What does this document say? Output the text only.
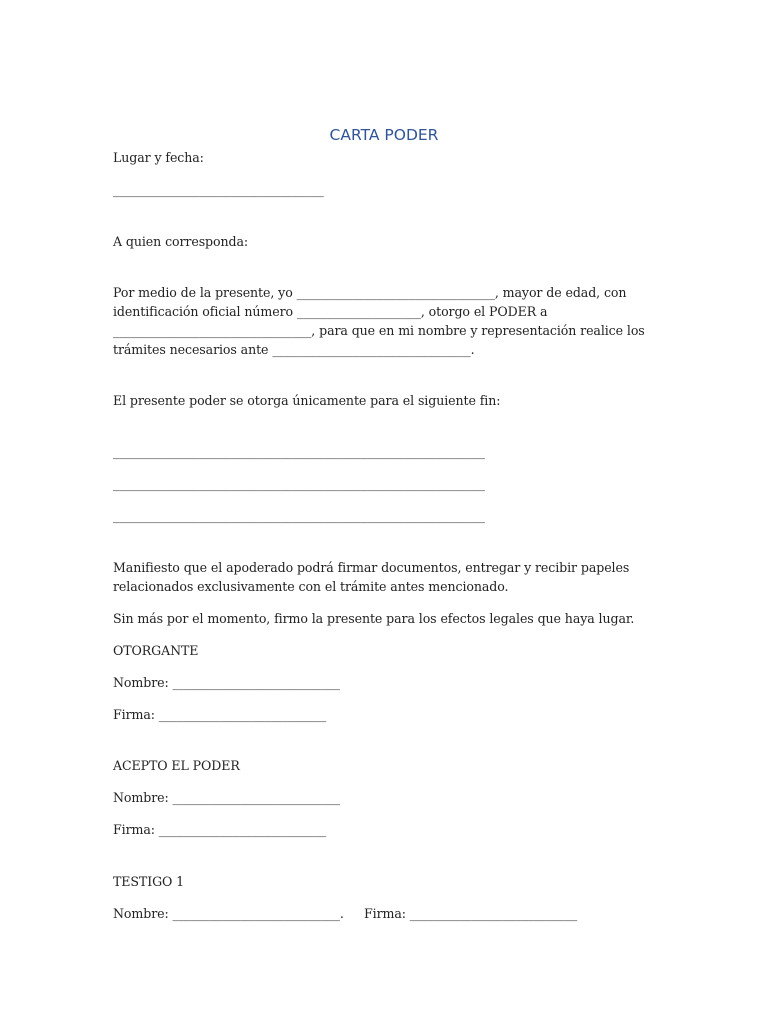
CARTA PODER
Lugar y fecha:
__________________________________
A quien corresponda:
Por medio de la presente, yo ________________________________, mayor de edad, con
identificación oficial número ____________________, otorgo el PODER a
________________________________, para que en mi nombre y representación realice los
trámites necesarios ante ________________________________.
El presente poder se otorga únicamente para el siguiente fin:
____________________________________________________________
____________________________________________________________
____________________________________________________________
Manifiesto que el apoderado podrá firmar documentos, entregar y recibir papeles
relacionados exclusivamente con el trámite antes mencionado.
Sin más por el momento, firmo la presente para los efectos legales que haya lugar.
OTORGANTE
Nombre: ___________________________
Firma: ___________________________
ACEPTO EL PODER
Nombre: ___________________________
Firma: ___________________________
TESTIGO 1
Nombre: ___________________________. Firma: ___________________________
